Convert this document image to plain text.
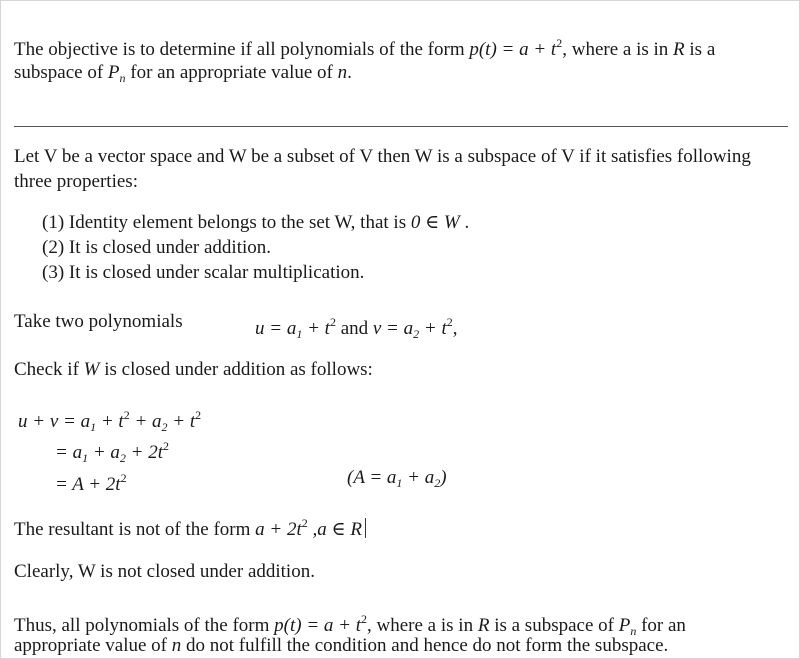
The objective is to determine if all polynomials of the form $p(t) = a + t^2$, where a is in R is a
subspace of $P_n$ for an appropriate value of n.
Let V be a vector space and W be a subset of V then W is a subspace of V if it satisfies following
three properties:
(1) Identity element belongs to the set W, that is 0 ∈ W .
(2) It is closed under addition.
(3) It is closed under scalar multiplication.
Take two polynomials	$u = a_1 + t^2$ and $v = a_2 + t^2$,
Check if W is closed under addition as follows:
$u + v = a_1 + t^2 + a_2 + t^2$
= $a_1 + a_2 + 2t^2$
= $A + 2t^2$	$(A = a_1 + a_2)$
The resultant is not of the form $a + 2t^2$ ,a ∈ R
Clearly, W is not closed under addition.
Thus, all polynomials of the form $p(t) = a + t^2$, where a is in R is a subspace of $P_n$ for an
appropriate value of n do not fulfill the condition and hence do not form the subspace.
